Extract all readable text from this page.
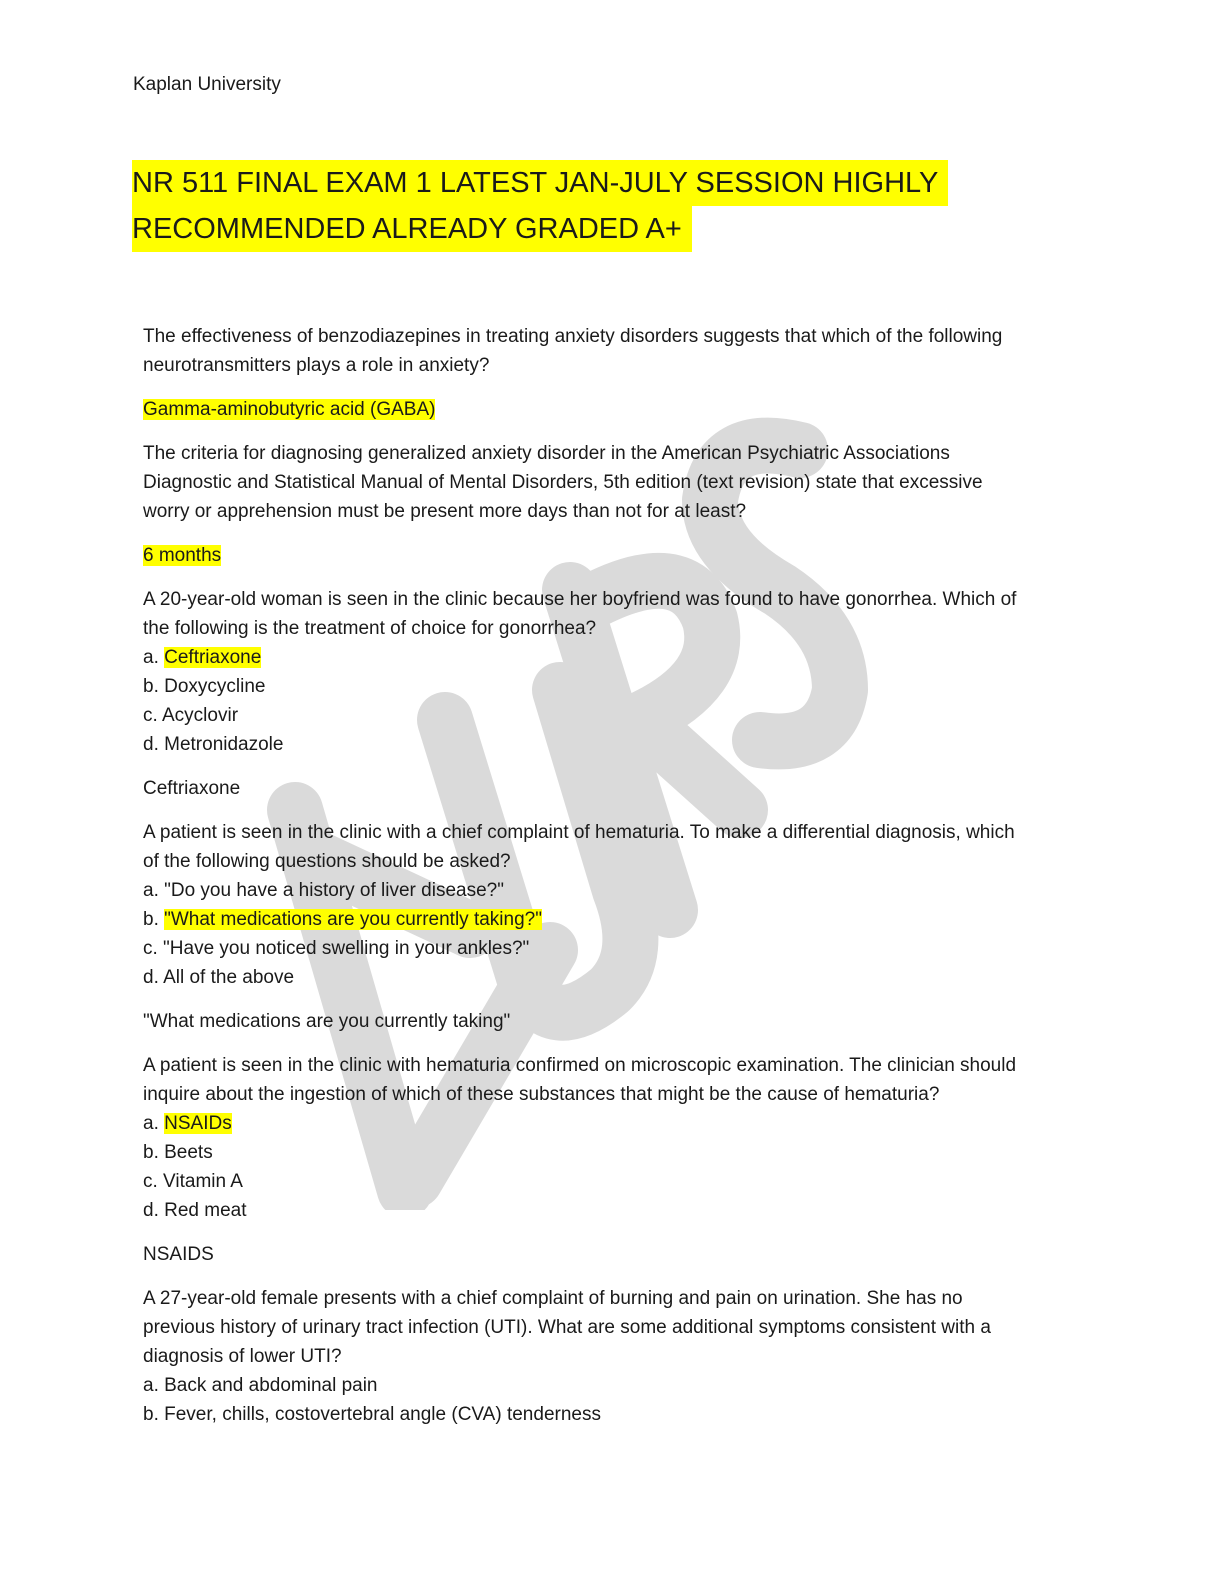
Kaplan University
NR 511 FINAL EXAM 1 LATEST JAN-JULY SESSION HIGHLY
RECOMMENDED ALREADY GRADED A+
The effectiveness of benzodiazepines in treating anxiety disorders suggests that which of the following
neurotransmitters plays a role in anxiety?
Gamma-aminobutyric acid (GABA)
The criteria for diagnosing generalized anxiety disorder in the American Psychiatric Associations
Diagnostic and Statistical Manual of Mental Disorders, 5th edition (text revision) state that excessive
worry or apprehension must be present more days than not for at least?
6 months
A 20-year-old woman is seen in the clinic because her boyfriend was found to have gonorrhea. Which of
the following is the treatment of choice for gonorrhea?
a. Ceftriaxone
b. Doxycycline
c. Acyclovir
d. Metronidazole
Ceftriaxone
A patient is seen in the clinic with a chief complaint of hematuria. To make a differential diagnosis, which
of the following questions should be asked?
a. "Do you have a history of liver disease?"
b. "What medications are you currently taking?"
c. "Have you noticed swelling in your ankles?"
d. All of the above
"What medications are you currently taking"
A patient is seen in the clinic with hematuria confirmed on microscopic examination. The clinician should
inquire about the ingestion of which of these substances that might be the cause of hematuria?
a. NSAIDs
b. Beets
c. Vitamin A
d. Red meat
NSAIDS
A 27-year-old female presents with a chief complaint of burning and pain on urination. She has no
previous history of urinary tract infection (UTI). What are some additional symptoms consistent with a
diagnosis of lower UTI?
a. Back and abdominal pain
b. Fever, chills, costovertebral angle (CVA) tenderness
